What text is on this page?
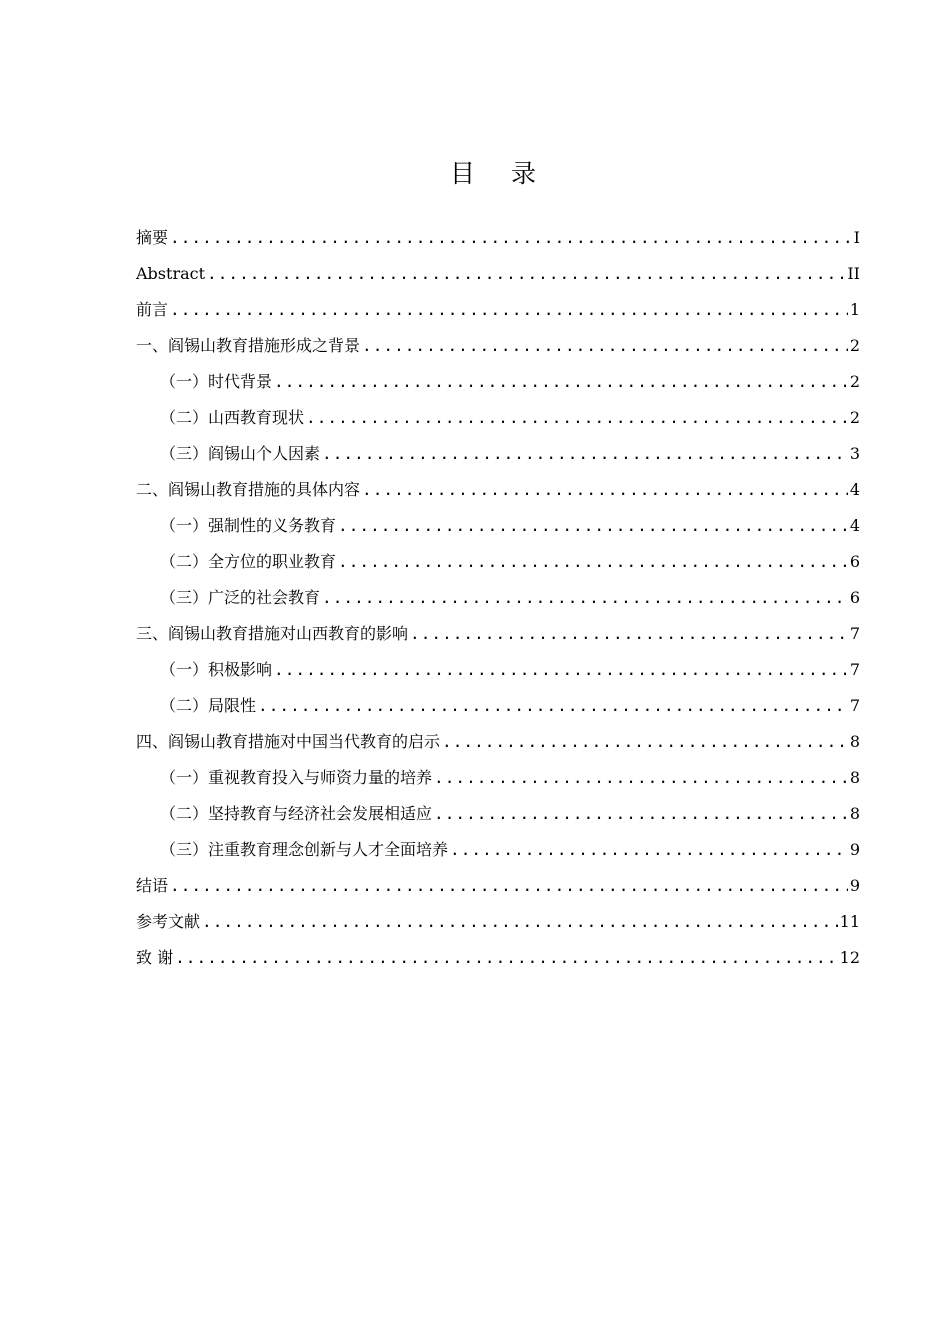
目 录
摘要 .....	I
Abstract .....	II
前言 .....	1
一、阎锡山教育措施形成之背景 .....	2
（一）时代背景 .....	2
（二）山西教育现状 .....	2
（三）阎锡山个人因素 .....	3
二、阎锡山教育措施的具体内容 .....	4
（一）强制性的义务教育 .....	4
（二）全方位的职业教育 .....	6
（三）广泛的社会教育 .....	6
三、阎锡山教育措施对山西教育的影响 .....	7
（一）积极影响 .....	7
（二）局限性 .....	7
四、阎锡山教育措施对中国当代教育的启示 .....	8
（一）重视教育投入与师资力量的培养 .....	8
（二）坚持教育与经济社会发展相适应 .....	8
（三）注重教育理念创新与人才全面培养 .....	9
结语 .....	9
参考文献 .....	11
致 谢 .....	12
